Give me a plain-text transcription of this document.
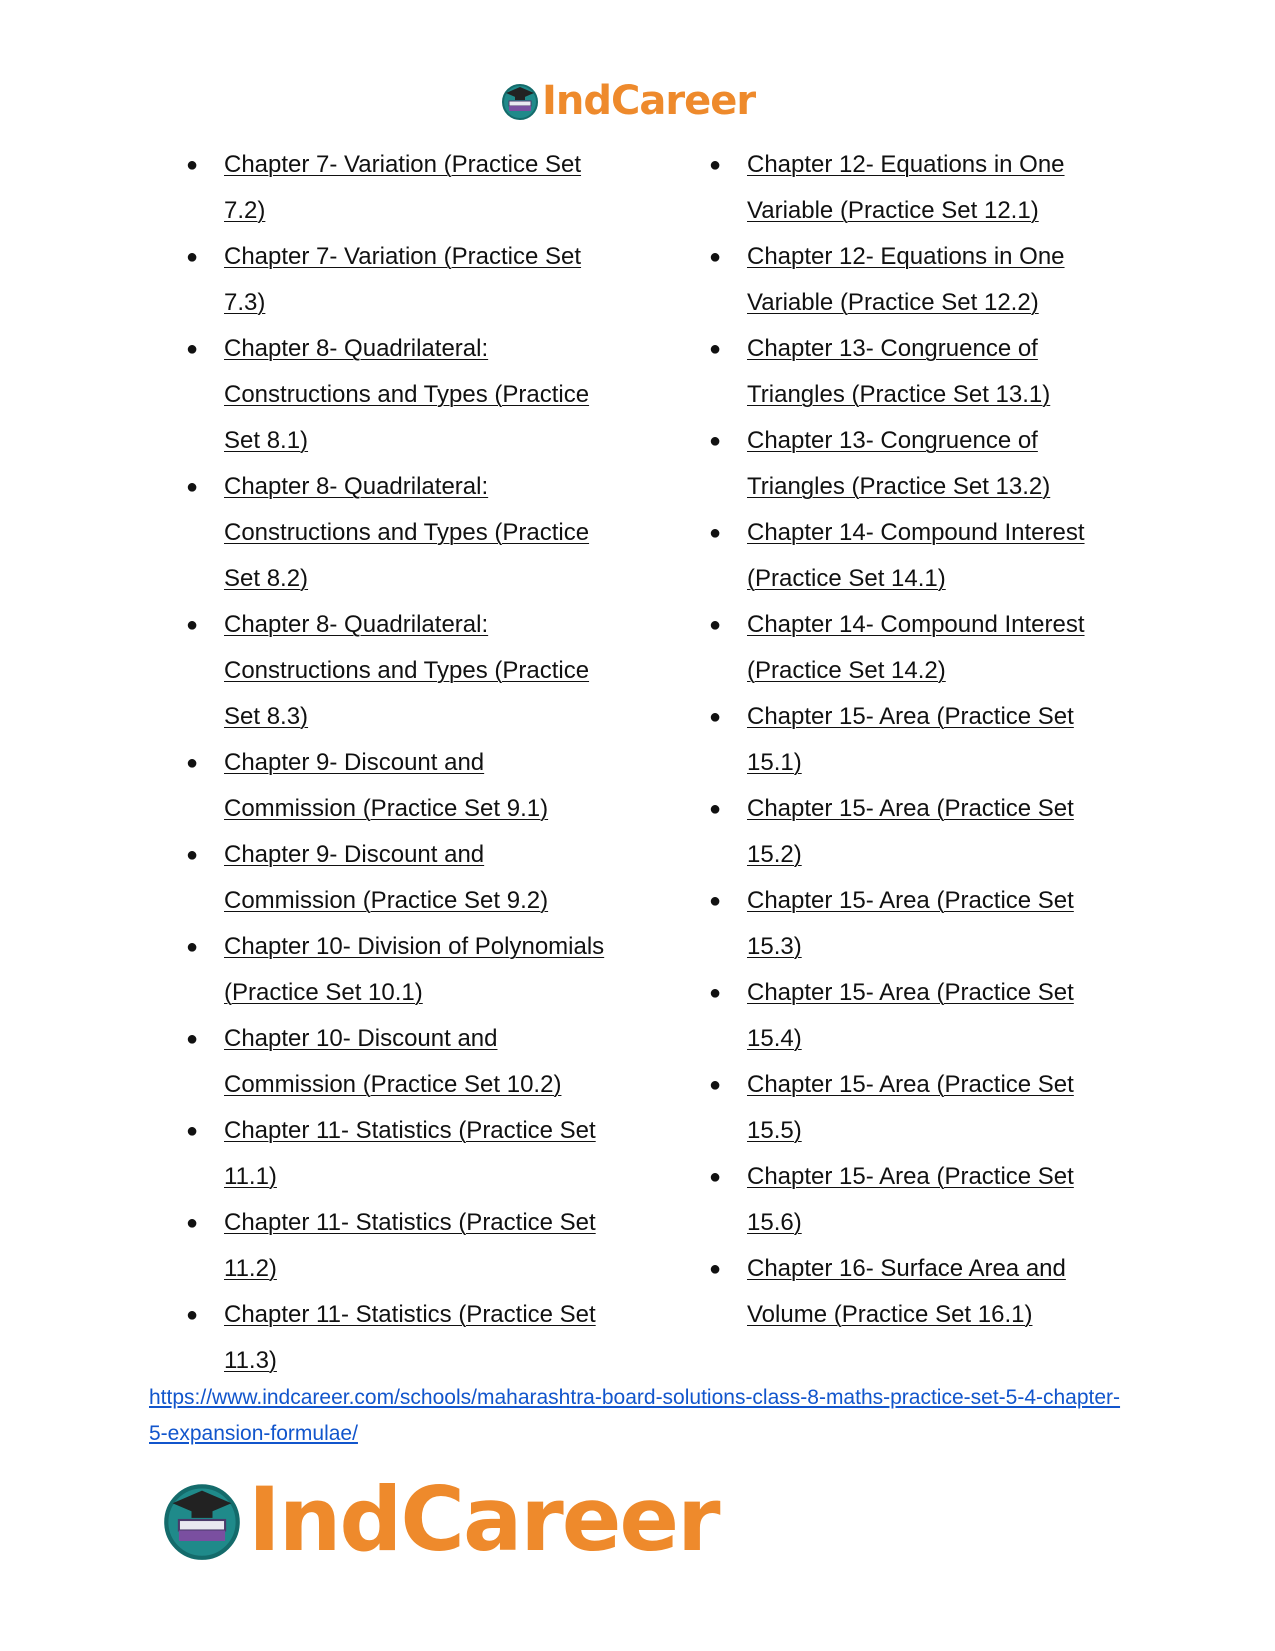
IndCareer
● Chapter 7- Variation (Practice Set 7.2)
● Chapter 7- Variation (Practice Set 7.3)
● Chapter 8- Quadrilateral: Constructions and Types (Practice Set 8.1)
● Chapter 8- Quadrilateral: Constructions and Types (Practice Set 8.2)
● Chapter 8- Quadrilateral: Constructions and Types (Practice Set 8.3)
● Chapter 9- Discount and Commission (Practice Set 9.1)
● Chapter 9- Discount and Commission (Practice Set 9.2)
● Chapter 10- Division of Polynomials (Practice Set 10.1)
● Chapter 10- Discount and Commission (Practice Set 10.2)
● Chapter 11- Statistics (Practice Set 11.1)
● Chapter 11- Statistics (Practice Set 11.2)
● Chapter 11- Statistics (Practice Set 11.3)
● Chapter 12- Equations in One Variable (Practice Set 12.1)
● Chapter 12- Equations in One Variable (Practice Set 12.2)
● Chapter 13- Congruence of Triangles (Practice Set 13.1)
● Chapter 13- Congruence of Triangles (Practice Set 13.2)
● Chapter 14- Compound Interest (Practice Set 14.1)
● Chapter 14- Compound Interest (Practice Set 14.2)
● Chapter 15- Area (Practice Set 15.1)
● Chapter 15- Area (Practice Set 15.2)
● Chapter 15- Area (Practice Set 15.3)
● Chapter 15- Area (Practice Set 15.4)
● Chapter 15- Area (Practice Set 15.5)
● Chapter 15- Area (Practice Set 15.6)
● Chapter 16- Surface Area and Volume (Practice Set 16.1)
https://www.indcareer.com/schools/maharashtra-board-solutions-class-8-maths-practice-set-5-4-chapter-5-expansion-formulae/
IndCareer
